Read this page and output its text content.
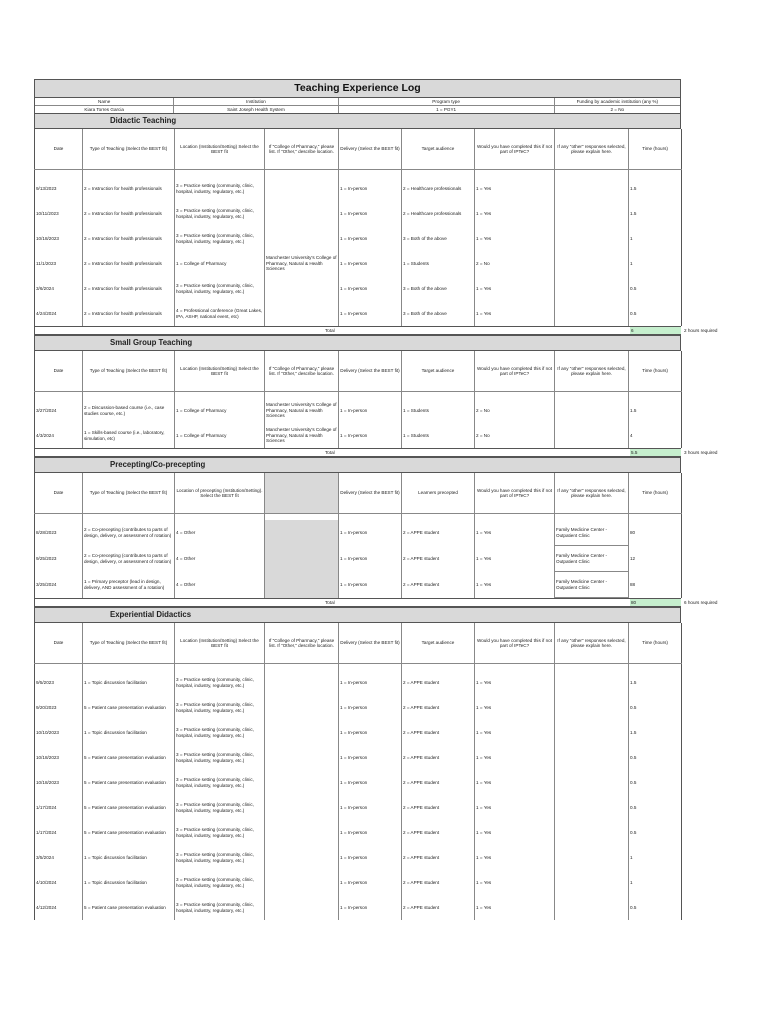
Teaching Experience Log
Name
Kiara Torres Garcia
Institution
Saint Joseph Health System
Program type
1 = PGY1
Funding by academic institution (any %)
2 = No
Didactic Teaching
Date	Type of Teaching (Select the BEST fit)	Location (Institution/Setting) Select the BEST fit	If "College of Pharmacy," please list. If "Other," describe location.	Delivery (Select the BEST fit)	Target audience	Would you have completed this if not part of IPTeC?	If any "other" responses selected, please explain here.	Time (hours)

9/13/2023	2 = Instruction for health professionals	3 = Practice setting (community, clinic, hospital, industry, regulatory, etc.)		1 = In-person	2 = Healthcare professionals	1 = Yes		1.5
10/11/2023	2 = Instruction for health professionals	3 = Practice setting (community, clinic, hospital, industry, regulatory, etc.)		1 = In-person	2 = Healthcare professionals	1 = Yes		1.5
10/18/2023	2 = Instruction for health professionals	3 = Practice setting (community, clinic, hospital, industry, regulatory, etc.)		1 = In-person	3 = Both of the above	1 = Yes		1
11/1/2023	2 = Instruction for health professionals	1 = College of Pharmacy	Manchester University's College of Pharmacy, Natural & Health Sciences	1 = In-person	1 = Students	2 = No		1
3/6/2024	2 = Instruction for health professionals	3 = Practice setting (community, clinic, hospital, industry, regulatory, etc.)		1 = In-person	3 = Both of the above	1 = Yes		0.5
4/24/2024	2 = Instruction for health professionals	4 = Professional conference (Great Lakes, IPA, ASHP, national event, etc)		1 = In-person	3 = Both of the above	1 = Yes		0.5
Total	6	2 hours required
Small Group Teaching
Date	Type of Teaching (Select the BEST fit)	Location (Institution/Setting) Select the BEST fit	If "College of Pharmacy," please list. If "Other," describe location.	Delivery (Select the BEST fit)	Target audience	Would you have completed this if not part of IPTeC?	If any "other" responses selected, please explain here.	Time (hours)

3/27/2024	2 = Discussion-based course (i.e., case studies course, etc.)	1 = College of Pharmacy	Manchester University's College of Pharmacy, Natural & Health Sciences	1 = In-person	1 = Students	2 = No		1.5
4/3/2024	1 = Skills-based course (i.e., laboratory, simulation, etc)	1 = College of Pharmacy	Manchester University's College of Pharmacy, Natural & Health Sciences	1 = In-person	1 = Students	2 = No		4
Total	5.5	3 hours required
Precepting/Co-precepting
Date	Type of Teaching (Select the BEST fit)	Location of precepting (Institution/Setting). Select the BEST fit		Delivery (Select the BEST fit)	Learners precepted	Would you have completed this if not part of IPTeC?	If any "other" responses selected, please explain here.	Time (hours)

8/28/2023	2 = Co-precepting (contributes to parts of design, delivery, or assessment of rotation)	4 = Other		1 = In-person	2 = APPE student	1 = Yes	Family Medicine Center - Outpatient Clinic	80
9/25/2023	2 = Co-precepting (contributes to parts of design, delivery, or assessment of rotation)	4 = Other		1 = In-person	2 = APPE student	1 = Yes	Family Medicine Center - Outpatient Clinic	12
3/25/2024	1 = Primary preceptor (lead in design, delivery, AND assessment of a rotation)	4 = Other		1 = In-person	2 = APPE student	1 = Yes	Family Medicine Center - Outpatient Clinic	88
Total	80	6 hours required
Experiential Didactics
Date	Type of Teaching (Select the BEST fit)	Location (Institution/Setting) Select the BEST fit	If "College of Pharmacy," please list. If "Other," describe location.	Delivery (Select the BEST fit)	Target audience	Would you have completed this if not part of IPTeC?	If any "other" responses selected, please explain here.	Time (hours)

9/5/2023	1 = Topic discussion facilitation	3 = Practice setting (community, clinic, hospital, industry, regulatory, etc.)		1 = In-person	2 = APPE student	1 = Yes		1.5
9/20/2023	5 = Patient case presentation evaluation	3 = Practice setting (community, clinic, hospital, industry, regulatory, etc.)		1 = In-person	2 = APPE student	1 = Yes		0.5
10/10/2023	1 = Topic discussion facilitation	3 = Practice setting (community, clinic, hospital, industry, regulatory, etc.)		1 = In-person	2 = APPE student	1 = Yes		1.5
10/18/2023	5 = Patient case presentation evaluation	3 = Practice setting (community, clinic, hospital, industry, regulatory, etc.)		1 = In-person	2 = APPE student	1 = Yes		0.5
10/18/2023	5 = Patient case presentation evaluation	3 = Practice setting (community, clinic, hospital, industry, regulatory, etc.)		1 = In-person	2 = APPE student	1 = Yes		0.5
1/17/2024	5 = Patient case presentation evaluation	3 = Practice setting (community, clinic, hospital, industry, regulatory, etc.)		1 = In-person	2 = APPE student	1 = Yes		0.5
1/17/2024	5 = Patient case presentation evaluation	3 = Practice setting (community, clinic, hospital, industry, regulatory, etc.)		1 = In-person	2 = APPE student	1 = Yes		0.5
3/5/2024	1 = Topic discussion facilitation	3 = Practice setting (community, clinic, hospital, industry, regulatory, etc.)		1 = In-person	2 = APPE student	1 = Yes		1
4/10/2024	1 = Topic discussion facilitation	3 = Practice setting (community, clinic, hospital, industry, regulatory, etc.)		1 = In-person	2 = APPE student	1 = Yes		1
4/12/2024	5 = Patient case presentation evaluation	3 = Practice setting (community, clinic, hospital, industry, regulatory, etc.)		1 = In-person	2 = APPE student	1 = Yes		0.5
